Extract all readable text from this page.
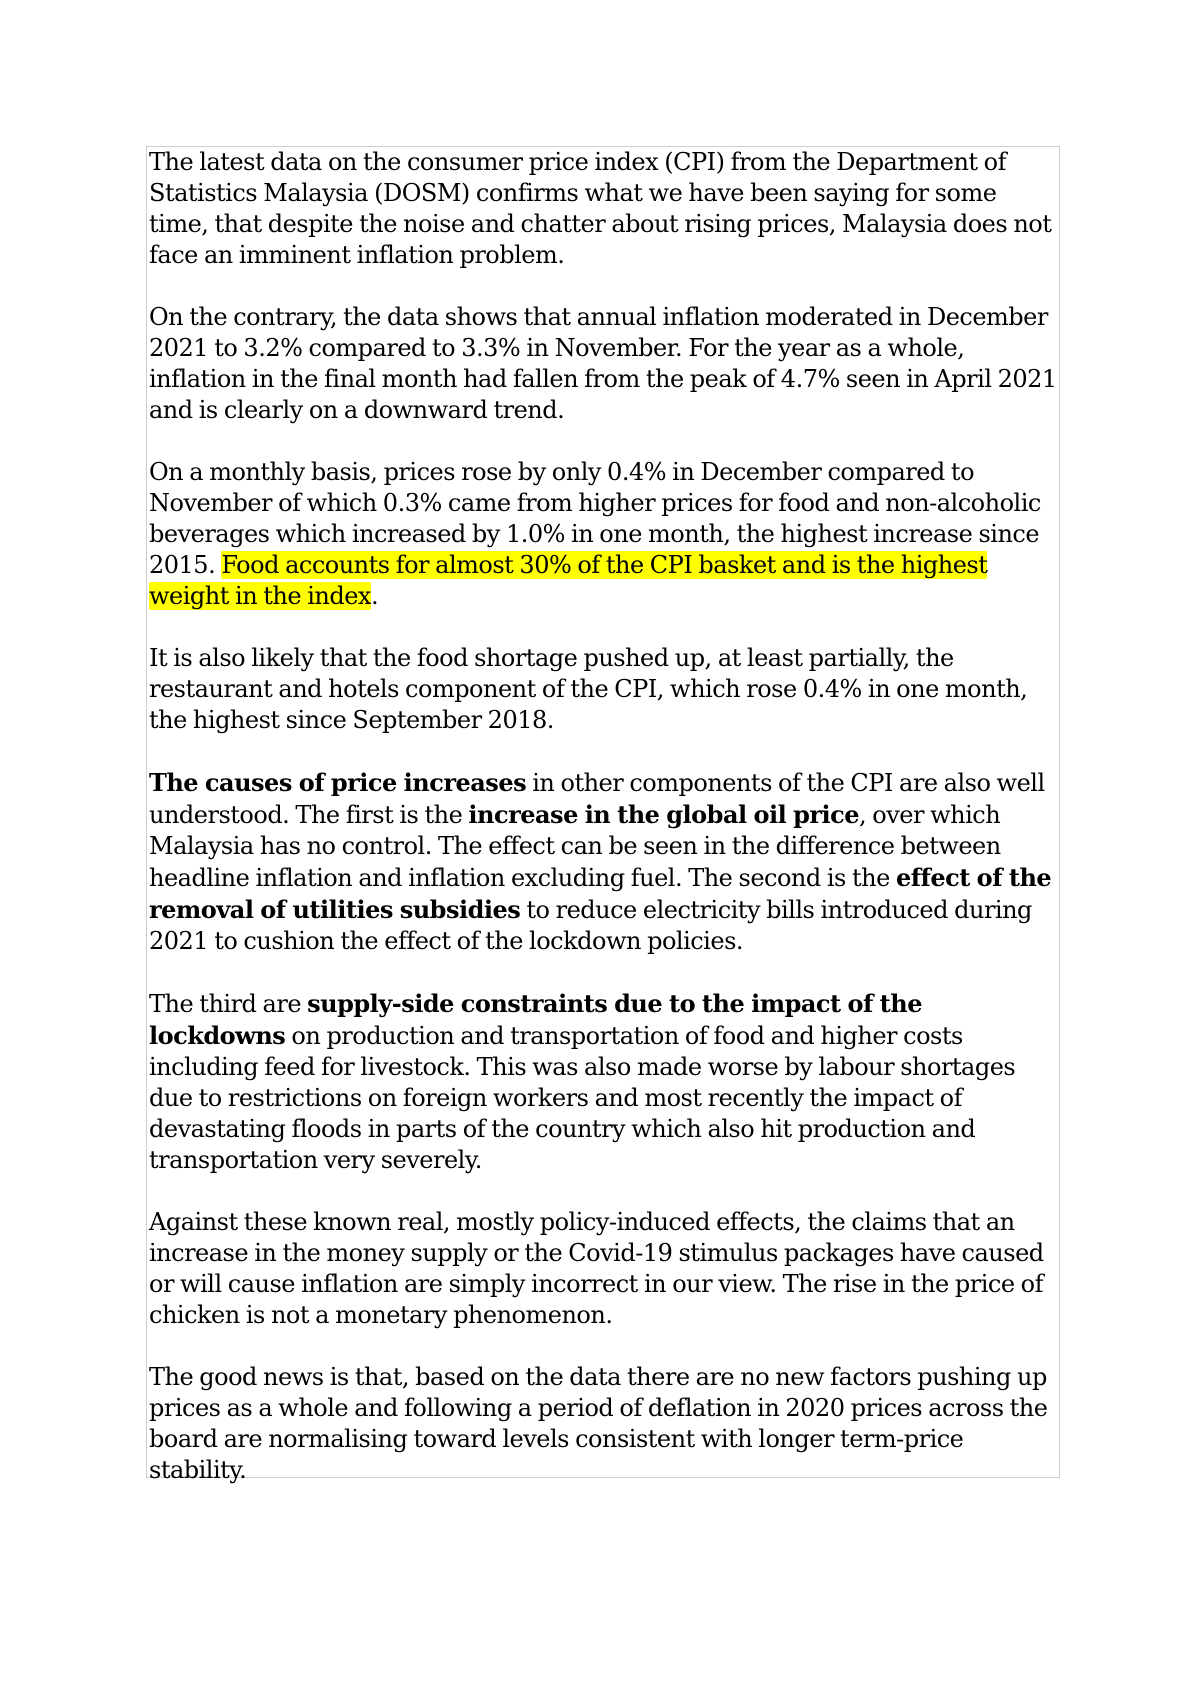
The latest data on the consumer price index (CPI) from the Department of Statistics Malaysia (DOSM) confirms what we have been saying for some time, that despite the noise and chatter about rising prices, Malaysia does not face an imminent inflation problem.

On the contrary, the data shows that annual inflation moderated in December 2021 to 3.2% compared to 3.3% in November. For the year as a whole, inflation in the final month had fallen from the peak of 4.7% seen in April 2021 and is clearly on a downward trend.

On a monthly basis, prices rose by only 0.4% in December compared to November of which 0.3% came from higher prices for food and non-alcoholic beverages which increased by 1.0% in one month, the highest increase since 2015. Food accounts for almost 30% of the CPI basket and is the highest weight in the index.

It is also likely that the food shortage pushed up, at least partially, the restaurant and hotels component of the CPI, which rose 0.4% in one month, the highest since September 2018.

The causes of price increases in other components of the CPI are also well understood. The first is the increase in the global oil price, over which Malaysia has no control. The effect can be seen in the difference between headline inflation and inflation excluding fuel. The second is the effect of the removal of utilities subsidies to reduce electricity bills introduced during 2021 to cushion the effect of the lockdown policies.

The third are supply-side constraints due to the impact of the lockdowns on production and transportation of food and higher costs including feed for livestock. This was also made worse by labour shortages due to restrictions on foreign workers and most recently the impact of devastating floods in parts of the country which also hit production and transportation very severely.

Against these known real, mostly policy-induced effects, the claims that an increase in the money supply or the Covid-19 stimulus packages have caused or will cause inflation are simply incorrect in our view. The rise in the price of chicken is not a monetary phenomenon.

The good news is that, based on the data there are no new factors pushing up prices as a whole and following a period of deflation in 2020 prices across the board are normalising toward levels consistent with longer term-price stability.
